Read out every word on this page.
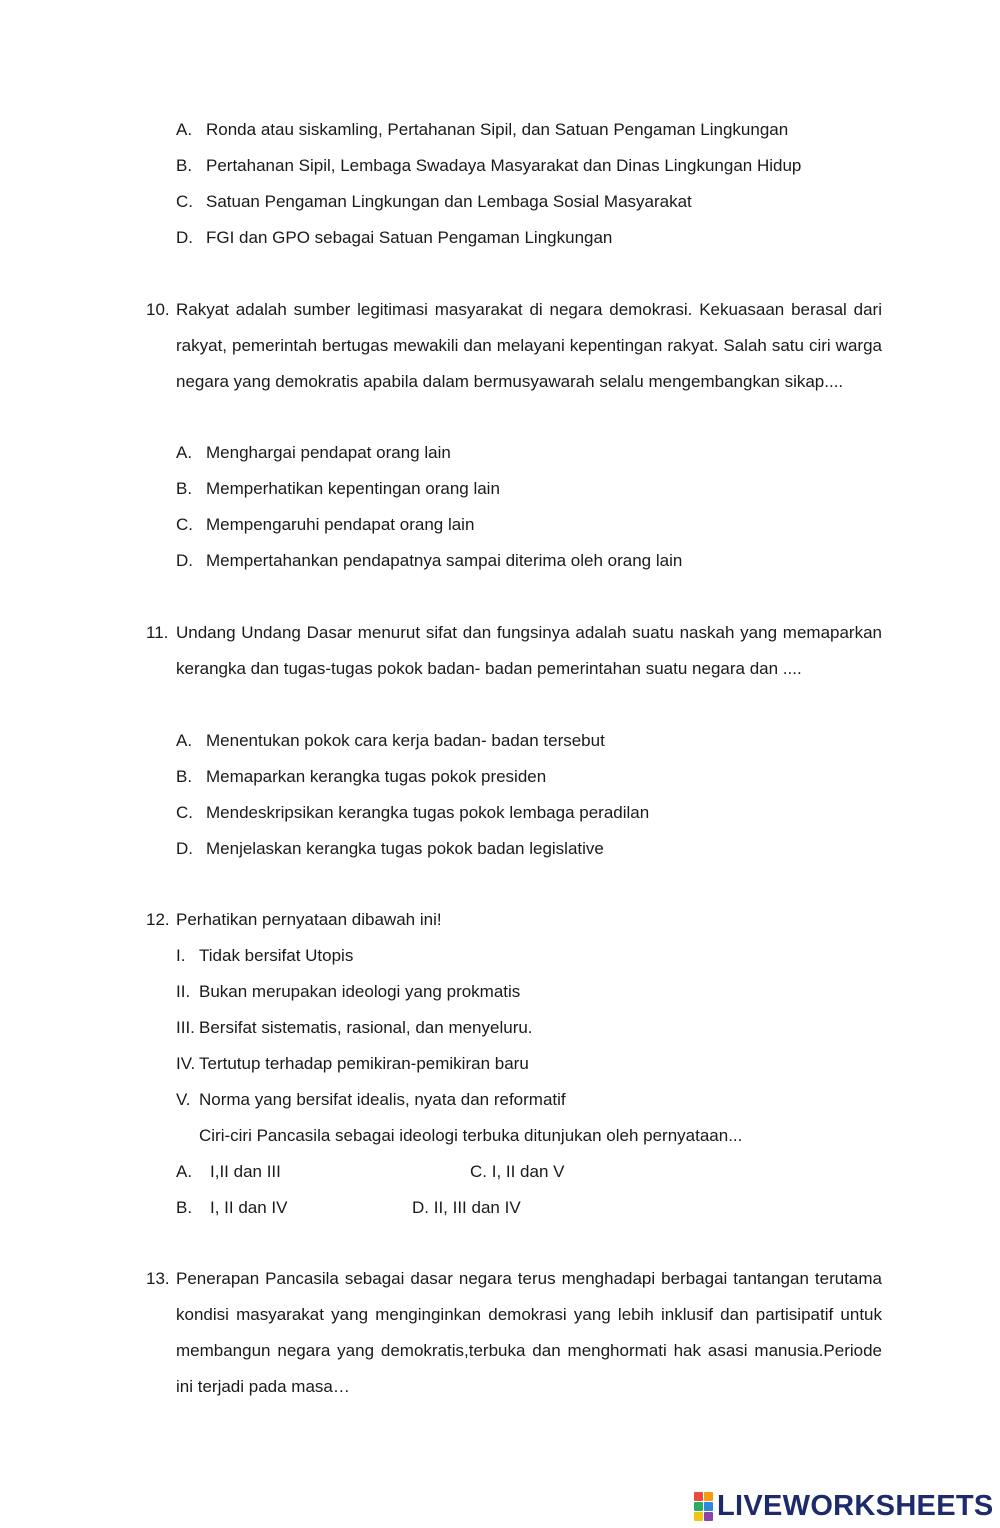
A. Ronda atau siskamling, Pertahanan Sipil, dan Satuan Pengaman Lingkungan
B. Pertahanan Sipil, Lembaga Swadaya Masyarakat dan Dinas Lingkungan Hidup
C. Satuan Pengaman Lingkungan dan Lembaga Sosial Masyarakat
D. FGI dan GPO sebagai Satuan Pengaman Lingkungan
10. Rakyat adalah sumber legitimasi masyarakat di negara demokrasi. Kekuasaan berasal dari rakyat, pemerintah bertugas mewakili dan melayani kepentingan rakyat. Salah satu ciri warga negara yang demokratis apabila dalam bermusyawarah selalu mengembangkan sikap....
A. Menghargai pendapat orang lain
B. Memperhatikan kepentingan orang lain
C. Mempengaruhi pendapat orang lain
D. Mempertahankan pendapatnya sampai diterima oleh orang lain
11. Undang Undang Dasar menurut sifat dan fungsinya adalah suatu naskah yang memaparkan kerangka dan tugas-tugas pokok badan- badan pemerintahan suatu negara dan ....
A. Menentukan pokok cara kerja badan- badan tersebut
B. Memaparkan kerangka tugas pokok presiden
C. Mendeskripsikan kerangka tugas pokok lembaga peradilan
D. Menjelaskan kerangka tugas pokok badan legislative
12. Perhatikan pernyataan dibawah ini!
I. Tidak bersifat Utopis
II. Bukan merupakan ideologi yang prokmatis
III. Bersifat sistematis, rasional, dan menyeluru.
IV. Tertutup terhadap pemikiran-pemikiran baru
V. Norma yang bersifat idealis, nyata dan reformatif
Ciri-ciri Pancasila sebagai ideologi terbuka ditunjukan oleh pernyataan...
A. I,II dan III	C. I, II dan V
B. I, II dan IV	D. II, III dan IV
13. Penerapan Pancasila sebagai dasar negara terus menghadapi berbagai tantangan terutama kondisi masyarakat yang menginginkan demokrasi yang lebih inklusif dan partisipatif untuk membangun negara yang demokratis,terbuka dan menghormati hak asasi manusia.Periode ini terjadi pada masa…
LIVEWORKSHEETS
